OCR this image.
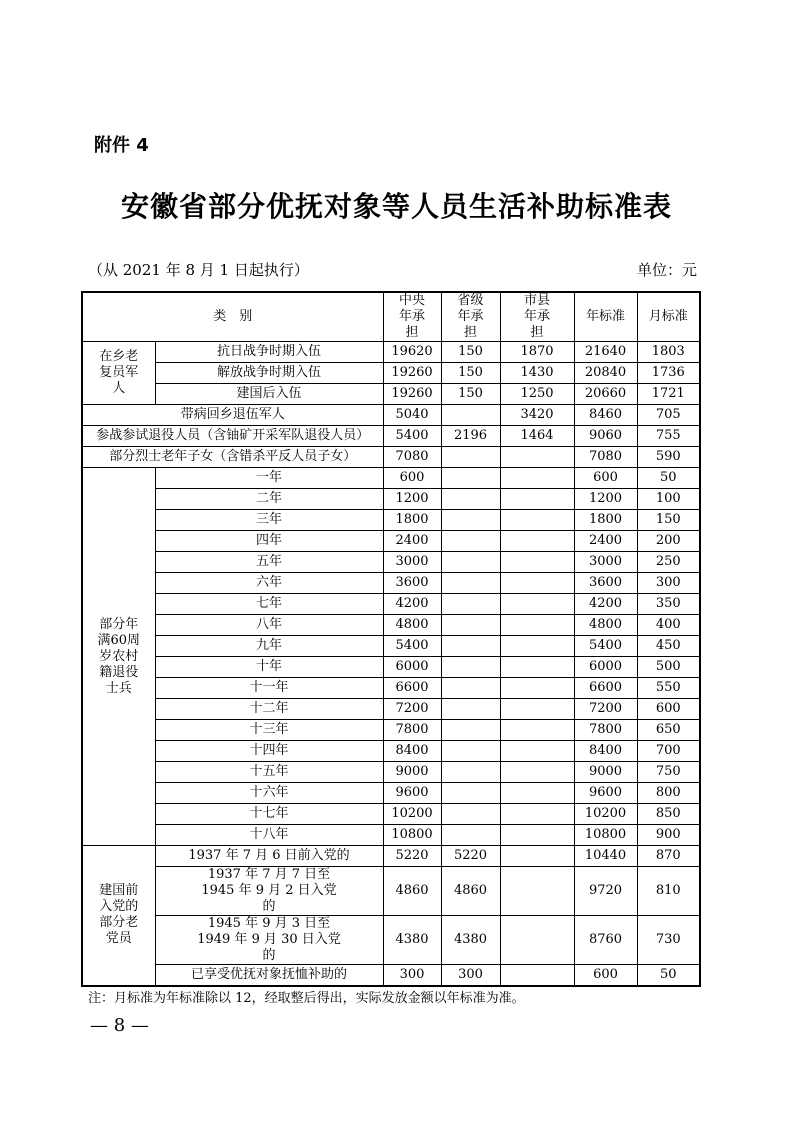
附件 4
安徽省部分优抚对象等人员生活补助标准表
（从 2021 年 8 月 1 日起执行）	单位：元
类　别		中央年承担	省级年承担	市县年承担	年标准	月标准
在乡老复员军人	抗日战争时期入伍	19620	150	1870	21640	1803
	解放战争时期入伍	19260	150	1430	20840	1736
	建国后入伍	19260	150	1250	20660	1721
带病回乡退伍军人		5040		3420	8460	705
参战参试退役人员（含铀矿开采军队退役人员）		5400	2196	1464	9060	755
部分烈士老年子女（含错杀平反人员子女）		7080			7080	590
部分年满60周岁农村籍退役士兵	一年	600			600	50
	二年	1200			1200	100
	三年	1800			1800	150
	四年	2400			2400	200
	五年	3000			3000	250
	六年	3600			3600	300
	七年	4200			4200	350
	八年	4800			4800	400
	九年	5400			5400	450
	十年	6000			6000	500
	十一年	6600			6600	550
	十二年	7200			7200	600
	十三年	7800			7800	650
	十四年	8400			8400	700
	十五年	9000			9000	750
	十六年	9600			9600	800
	十七年	10200			10200	850
	十八年	10800			10800	900
建国前入党的部分老党员	1937 年 7 月 6 日前入党的	5220	5220		10440	870
	1937 年 7 月 7 日至 1945 年 9 月 2 日入党的	4860	4860		9720	810
	1945 年 9 月 3 日至 1949 年 9 月 30 日入党的	4380	4380		8760	730
	已享受优抚对象抚恤补助的	300	300		600	50
注：月标准为年标准除以 12，经取整后得出，实际发放金额以年标准为准。
— 8 —
